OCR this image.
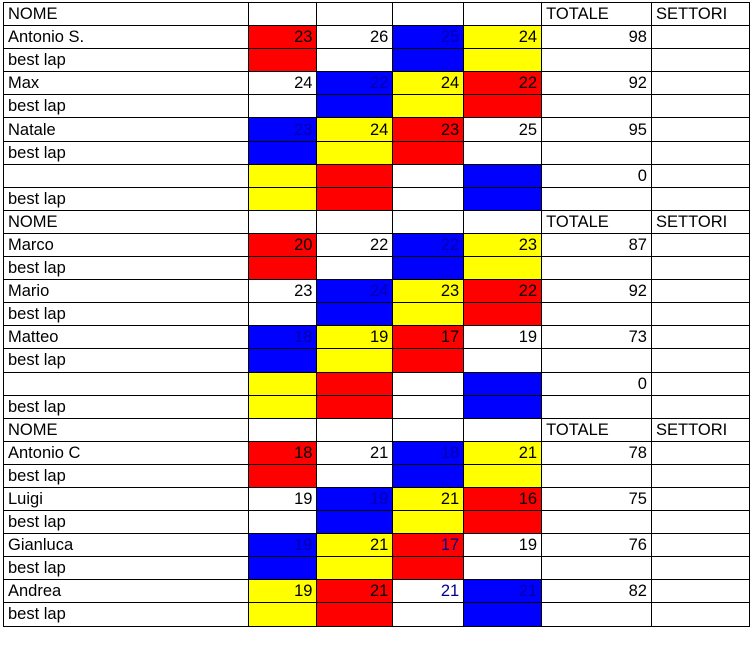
NOME					TOTALE	SETTORI
Antonio S.	23	26	25	24	98	
best lap						
Max	24	22	24	22	92	
best lap						
Natale	23	24	23	25	95	
best lap						
					0	
best lap						
NOME					TOTALE	SETTORI
Marco	20	22	22	23	87	
best lap						
Mario	23	24	23	22	92	
best lap						
Matteo	18	19	17	19	73	
best lap						
					0	
best lap						
NOME					TOTALE	SETTORI
Antonio C	18	21	18	21	78	
best lap						
Luigi	19	19	21	16	75	
best lap						
Gianluca	19	21	17	19	76	
best lap						
Andrea	19	21	21	21	82	
best lap						
